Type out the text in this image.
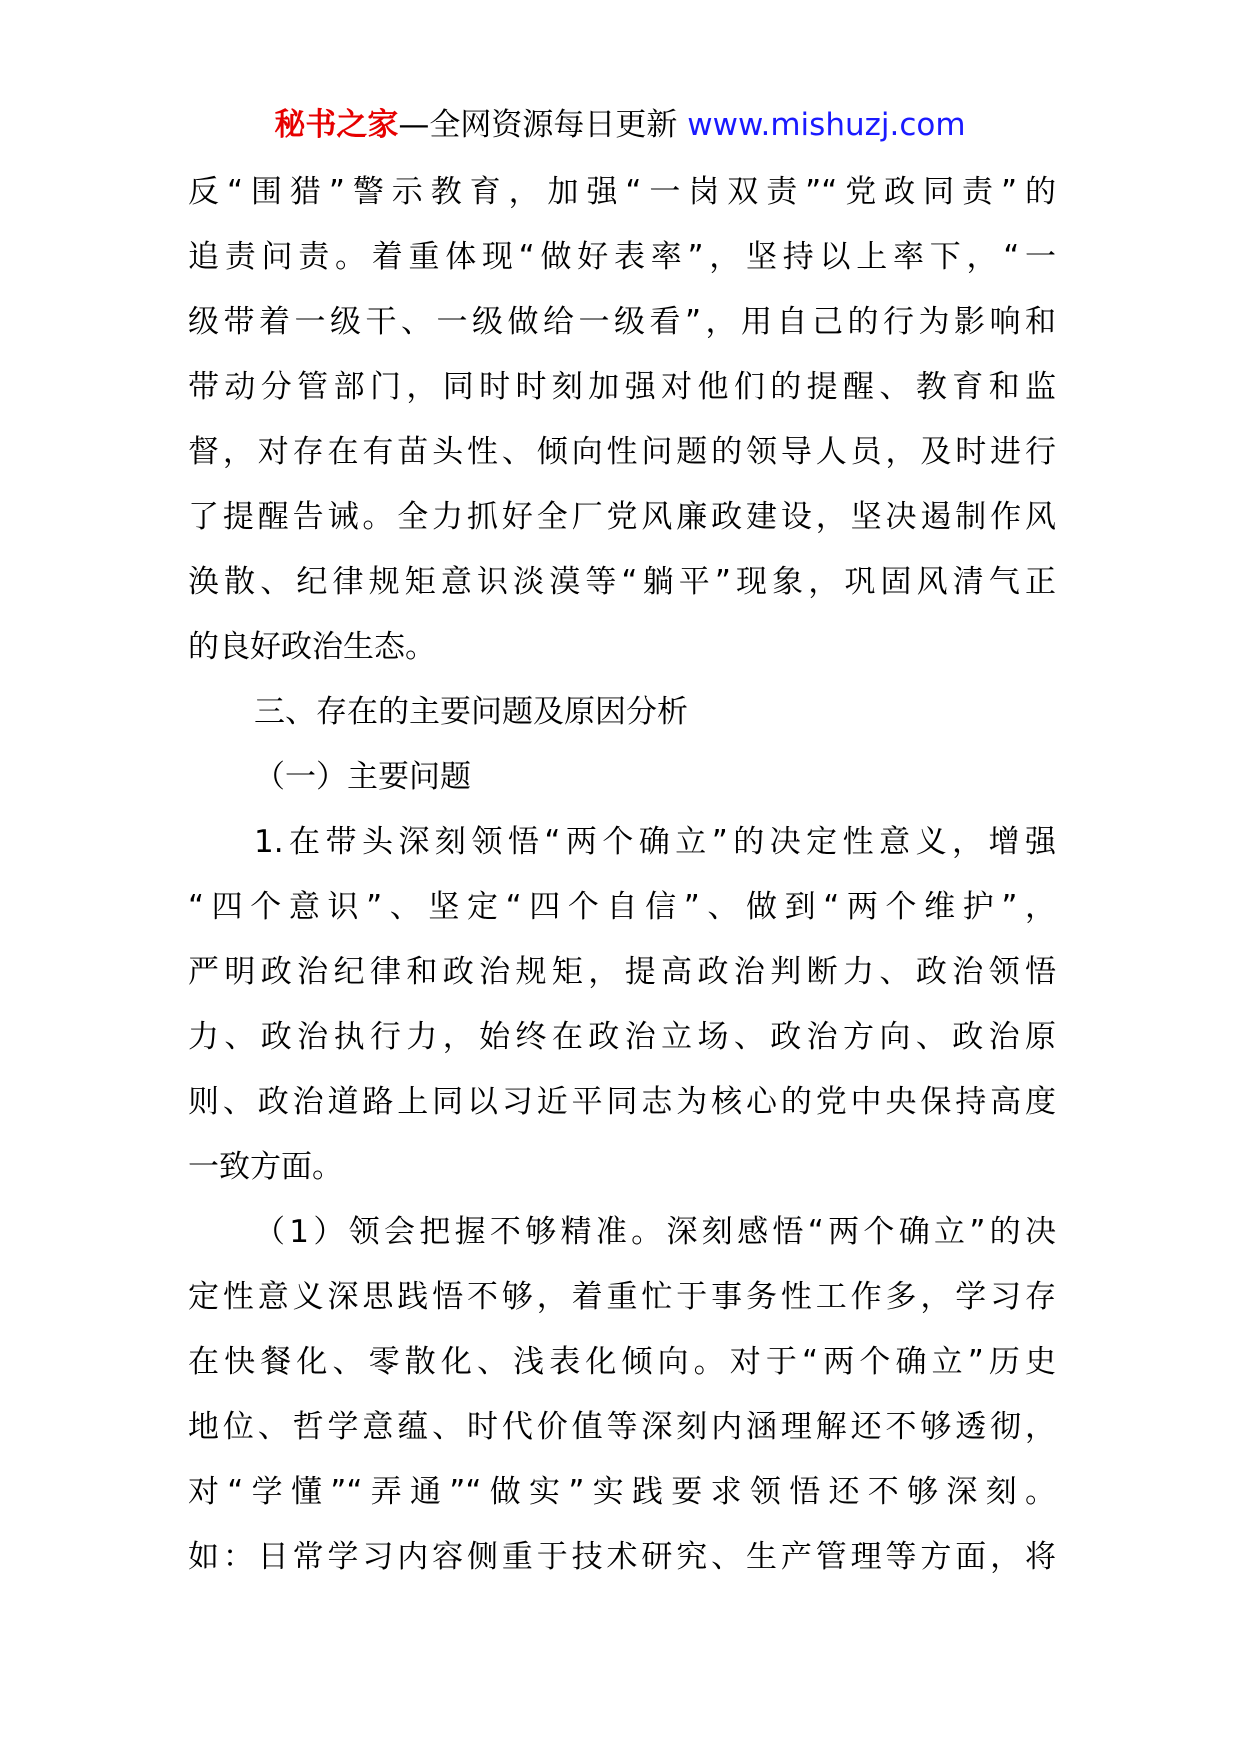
秘书之家—全网资源每日更新 www.mishuzj.com
反“围猎”警示教育，加强“一岗双责”“党政同责”的
追责问责。着重体现“做好表率”，坚持以上率下，“一
级带着一级干、一级做给一级看”，用自己的行为影响和
带动分管部门，同时时刻加强对他们的提醒、教育和监
督，对存在有苗头性、倾向性问题的领导人员，及时进行
了提醒告诫。全力抓好全厂党风廉政建设，坚决遏制作风
涣散、纪律规矩意识淡漠等“躺平”现象，巩固风清气正
的良好政治生态。
三、存在的主要问题及原因分析
（一）主要问题
1.在带头深刻领悟“两个确立”的决定性意义，增强
“四个意识”、坚定“四个自信”、做到“两个维护”，
严明政治纪律和政治规矩，提高政治判断力、政治领悟
力、政治执行力，始终在政治立场、政治方向、政治原
则、政治道路上同以习近平同志为核心的党中央保持高度
一致方面。
（1）领会把握不够精准。深刻感悟“两个确立”的决
定性意义深思践悟不够，着重忙于事务性工作多，学习存
在快餐化、零散化、浅表化倾向。对于“两个确立”历史
地位、哲学意蕴、时代价值等深刻内涵理解还不够透彻，
对“学懂”“弄通”“做实”实践要求领悟还不够深刻。
如：日常学习内容侧重于技术研究、生产管理等方面，将
